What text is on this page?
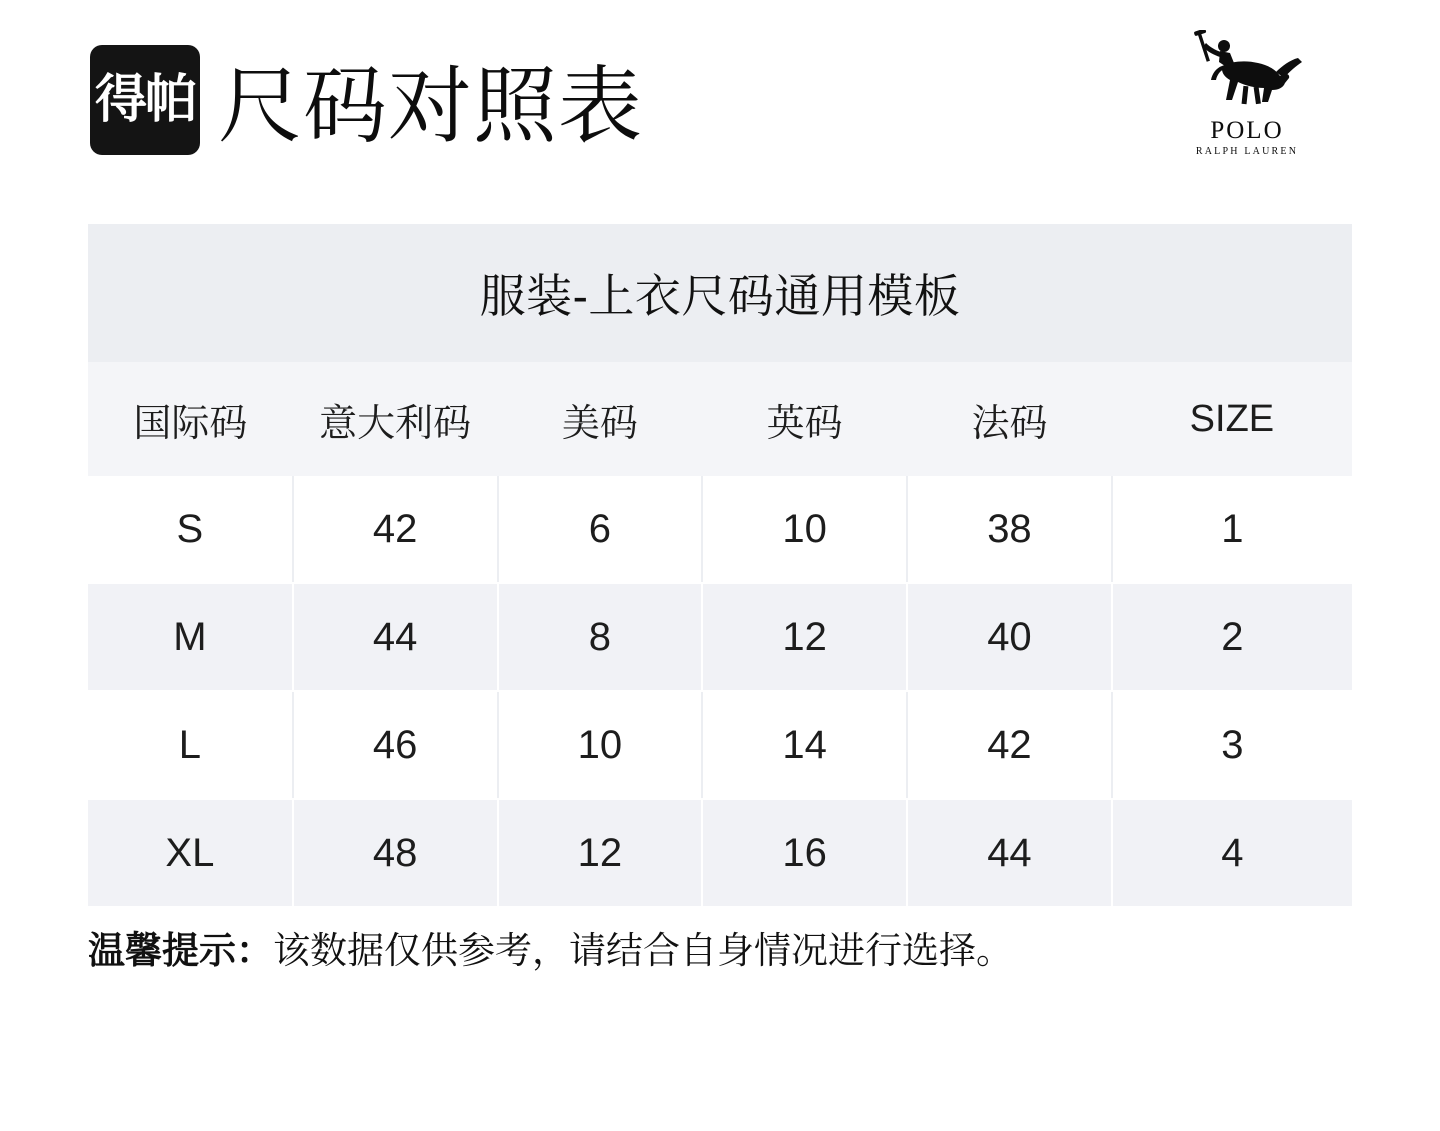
得帕 尺码对照表	POLO
RALPH LAUREN
服装-上衣尺码通用模板
国际码	意大利码	美码	英码	法码	SIZE
S	42	6	10	38	1
M	44	8	12	40	2
L	46	10	14	42	3
XL	48	12	16	44	4
温馨提示：该数据仅供参考，请结合自身情况进行选择。
